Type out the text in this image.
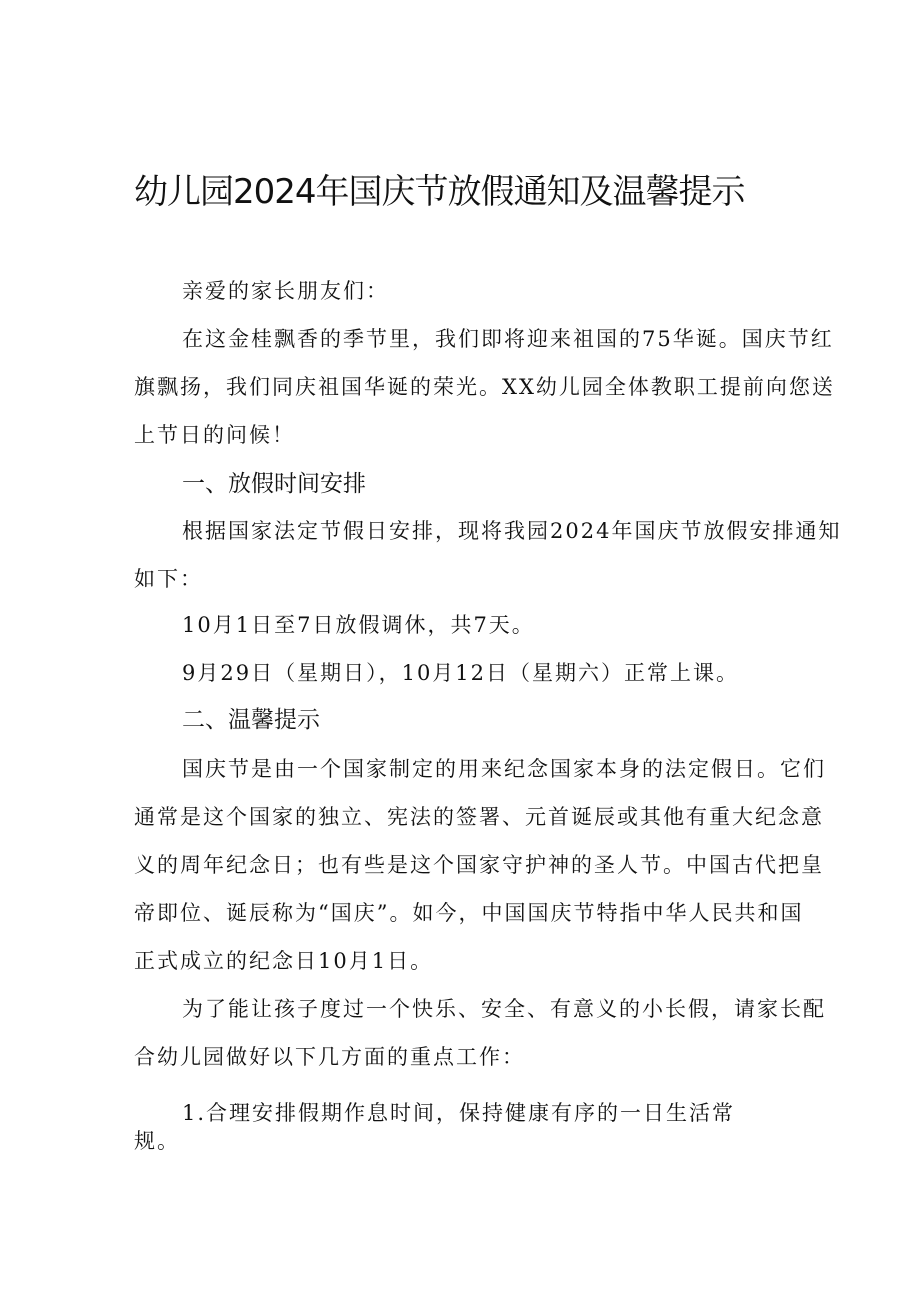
幼儿园2024年国庆节放假通知及温馨提示
亲爱的家长朋友们：
在这金桂飘香的季节里，我们即将迎来祖国的75华诞。国庆节红
旗飘扬，我们同庆祖国华诞的荣光。XX幼儿园全体教职工提前向您送
上节日的问候！
一、放假时间安排
根据国家法定节假日安排，现将我园2024年国庆节放假安排通知
如下：
10月1日至7日放假调休，共7天。
9月29日（星期日），10月12日（星期六）正常上课。
二、温馨提示
国庆节是由一个国家制定的用来纪念国家本身的法定假日。它们
通常是这个国家的独立、宪法的签署、元首诞辰或其他有重大纪念意
义的周年纪念日；也有些是这个国家守护神的圣人节。中国古代把皇
帝即位、诞辰称为“国庆”。如今，中国国庆节特指中华人民共和国
正式成立的纪念日10月1日。
为了能让孩子度过一个快乐、安全、有意义的小长假，请家长配
合幼儿园做好以下几方面的重点工作：
1.合理安排假期作息时间，保持健康有序的一日生活常
规。
